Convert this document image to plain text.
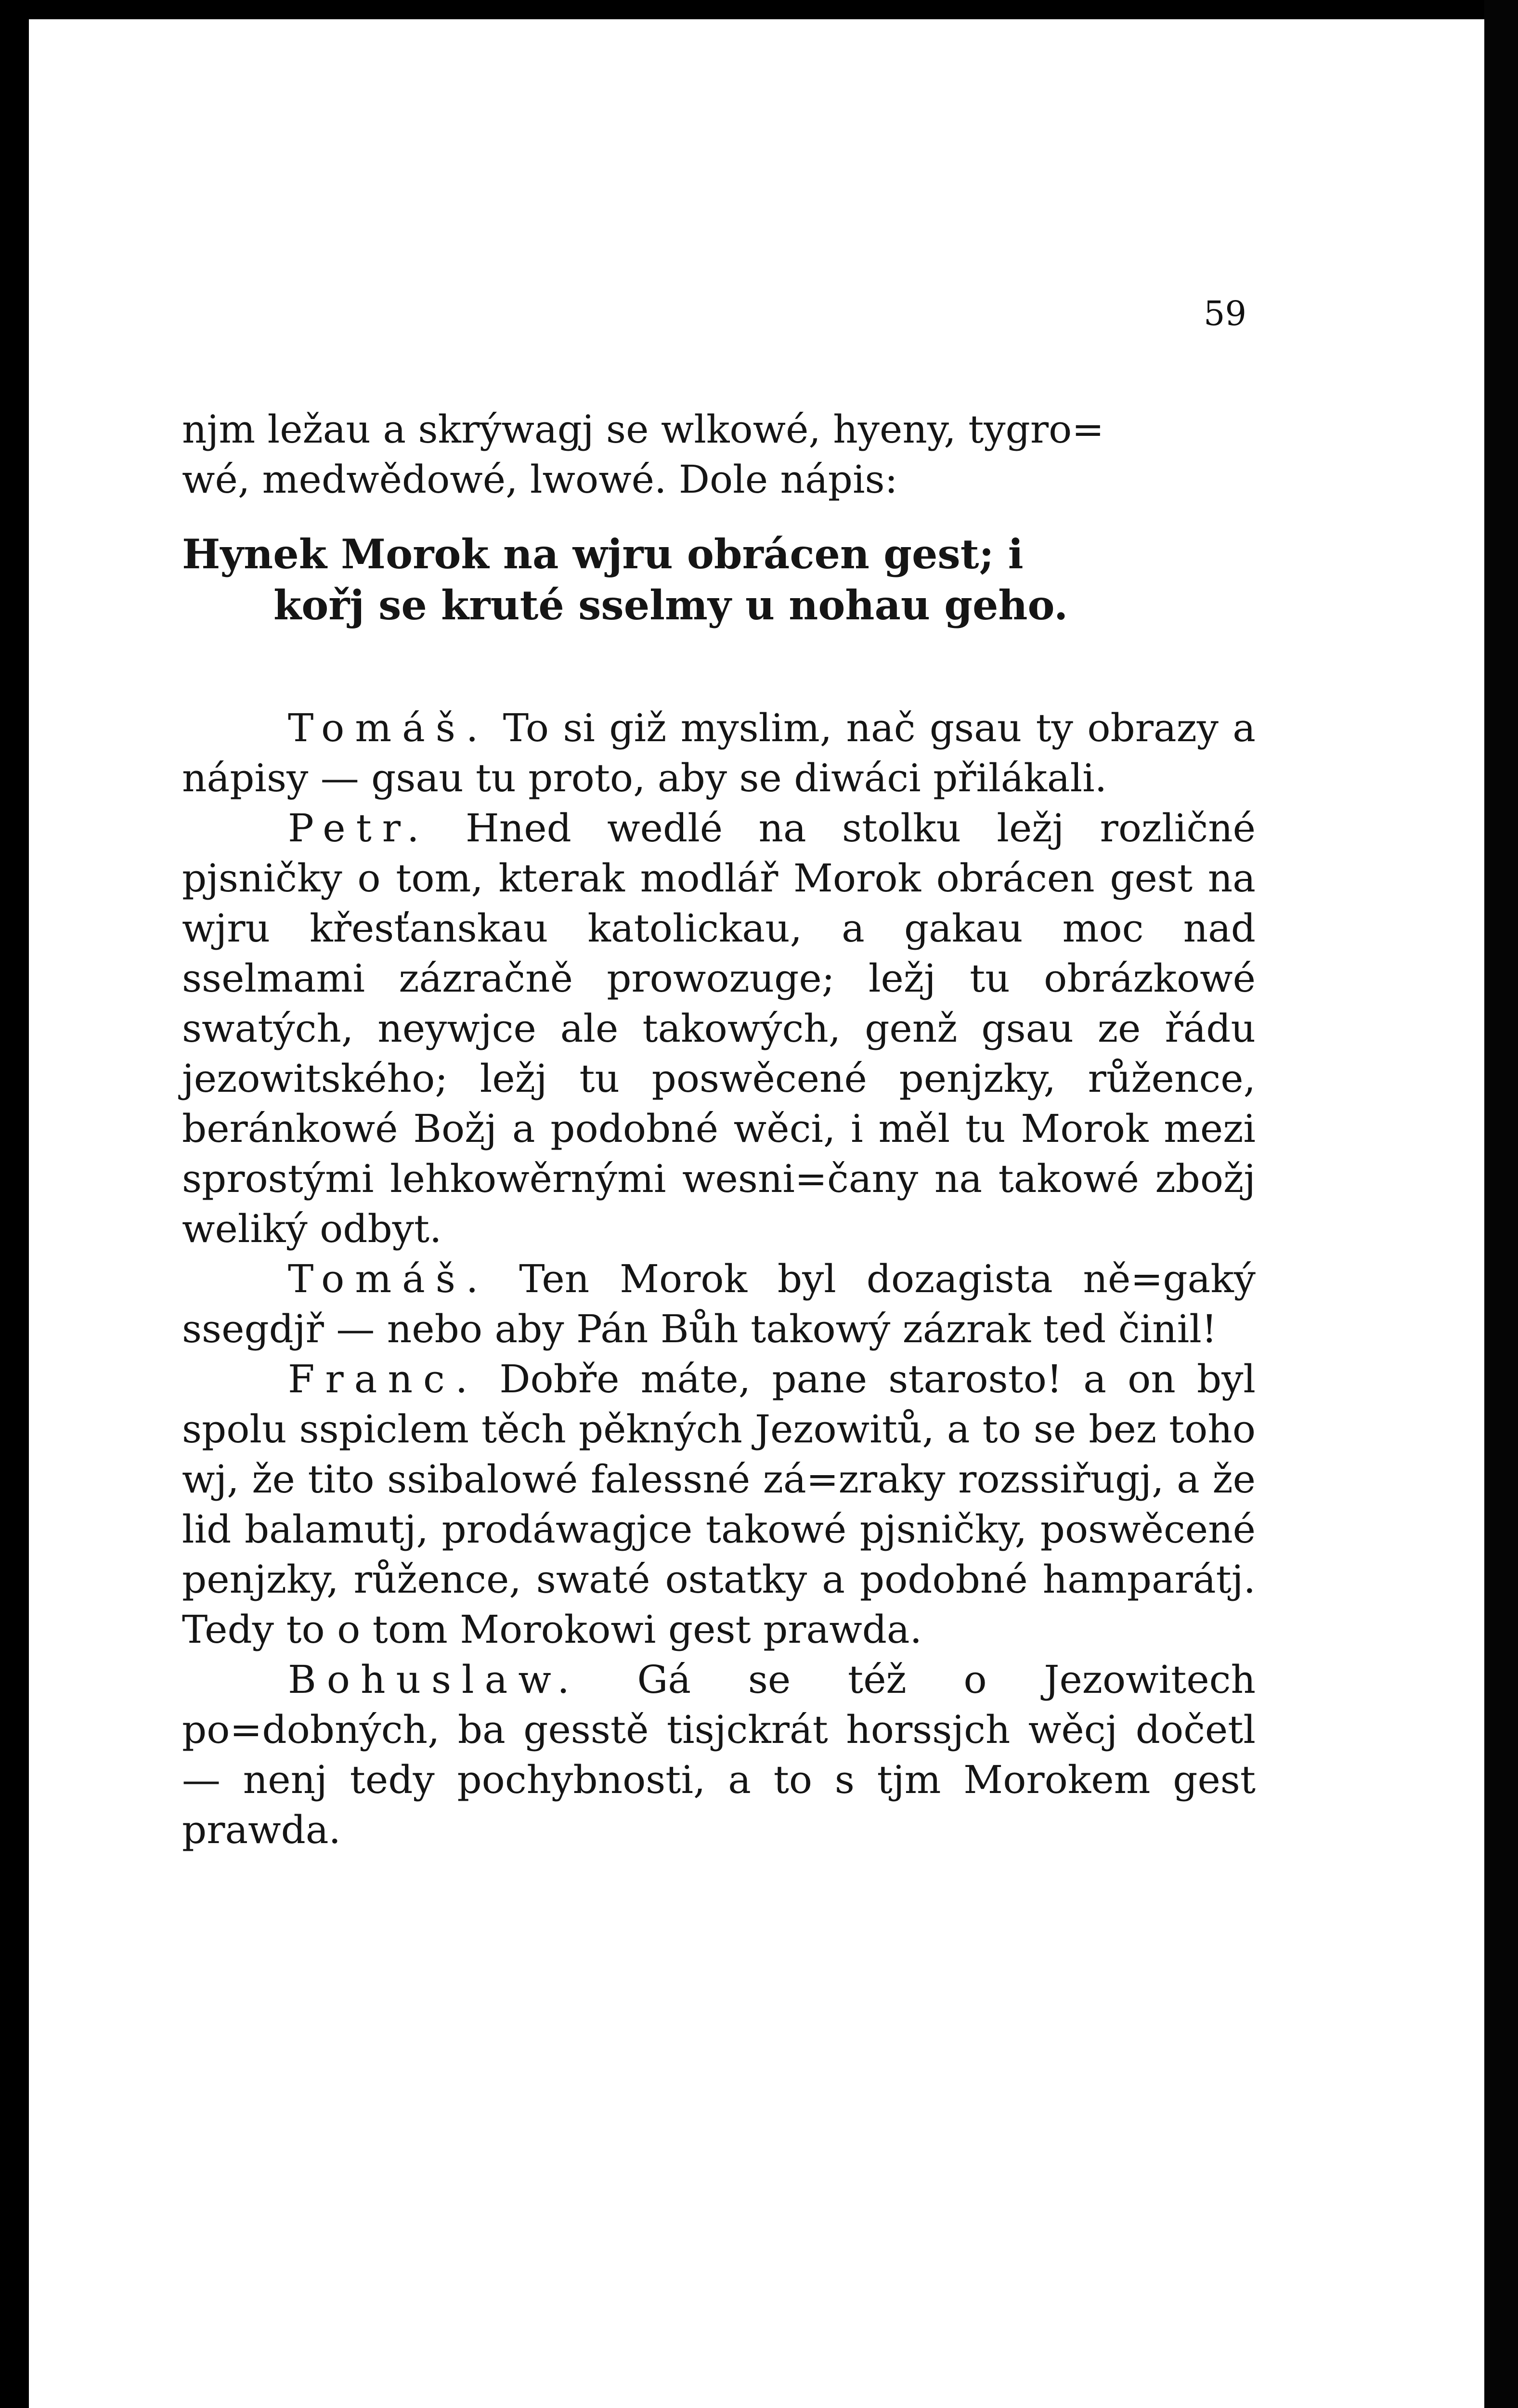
59

njm ležau a skrýwagj se wlkowé, hyeny, tygro=

wé, medwědowé, lwowé. Dole nápis:

Hynek Morok na wjru obrácen gest; i
kořj se kruté sselmy u nohau geho.

Tomáš. To si giž myslim, nač gsau ty obrazy a nápisy — gsau tu proto, aby se diwáci přilákali.

Petr. Hned wedlé na stolku ležj rozličné pjsničky o tom, kterak modlář Morok obrácen gest na wjru křesťanskau katolickau, a gakau moc nad sselmami zázračně prowozuge; ležj tu obrázkowé swatých, neywjce ale takowých, genž gsau ze řádu jezowitského; ležj tu poswěcené penjzky, růžence, beránkowé Božj a podobné wěci, i měl tu Morok mezi sprostými lehkowěrnými wesni=čany na takowé zbožj weliký odbyt.

Tomáš. Ten Morok byl dozagista ně=gaký ssegdjř — nebo aby Pán Bůh takowý zázrak ted činil!

Franc. Dobře máte, pane starosto! a on byl spolu sspiclem těch pěkných Jezowitů, a to se bez toho wj, že tito ssibalowé falessné zá=zraky rozssiřugj, a že lid balamutj, prodáwagjce takowé pjsničky, poswěcené penjzky, růžence, swaté ostatky a podobné hamparátj. Tedy to o tom Morokowi gest prawda.

Bohuslaw. Gá se též o Jezowitech po=dobných, ba gesstě tisjckrát horssjch wěcj dočetl — nenj tedy pochybnosti, a to s tjm Morokem gest prawda.
